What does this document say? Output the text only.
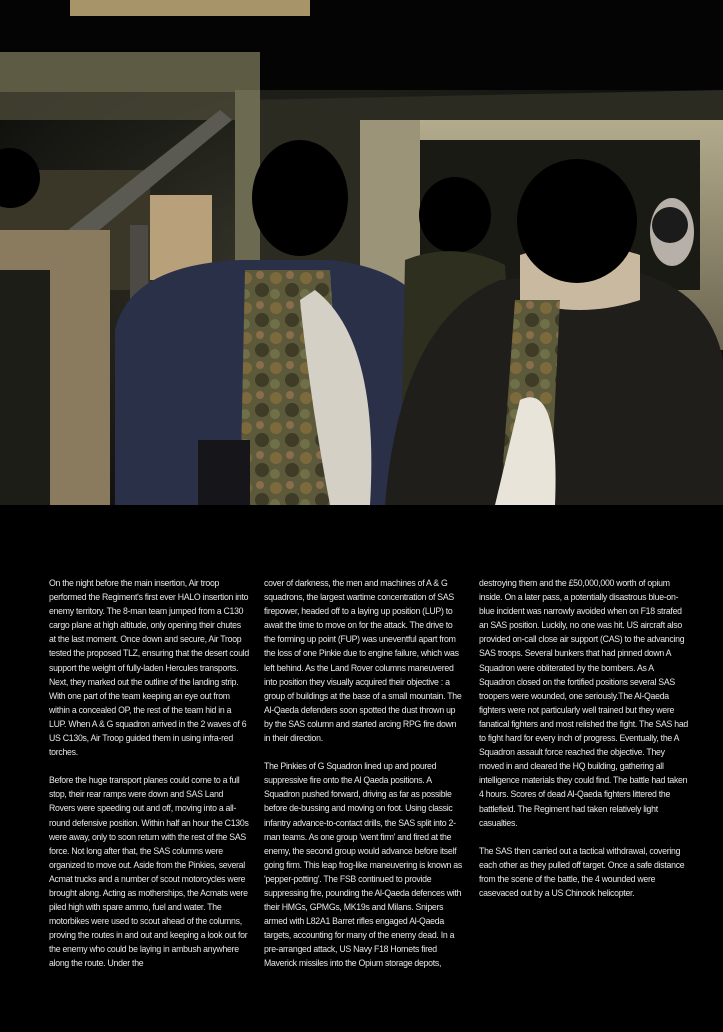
On the night before the main insertion, Air troop performed the Regiment's first ever HALO insertion into enemy territory. The 8-man team jumped from a C130 cargo plane at high altitude, only opening their chutes at the last moment. Once down and secure, Air Troop tested the proposed TLZ, ensuring that the desert could support the weight of fully-laden Hercules transports. Next, they marked out the outline of the landing strip. With one part of the team keeping an eye out from within a concealed OP, the rest of the team hid in a LUP. When A & G squadron arrived in the 2 waves of 6 US C130s, Air Troop guided them in using infra-red torches.

Before the huge transport planes could come to a full stop, their rear ramps were down and SAS Land Rovers were speeding out and off, moving into a all-round defensive position. Within half an hour the C130s were away, only to soon return with the rest of the SAS force. Not long after that, the SAS columns were organized to move out. Aside from the Pinkies, several Acmat trucks and a number of scout motorcycles were brought along. Acting as motherships, the Acmats were piled high with spare ammo, fuel and water. The motorbikes were used to scout ahead of the columns, proving the routes in and out and keeping a look out for the enemy who could be laying in ambush anywhere along the route. Under the

cover of darkness, the men and machines of A & G squadrons, the largest wartime concentration of SAS firepower, headed off to a laying up position (LUP) to await the time to move on for the attack. The drive to the forming up point (FUP) was uneventful apart from the loss of one Pinkie due to engine failure, which was left behind. As the Land Rover columns maneuvered into position they visually acquired their objective : a group of buildings at the base of a small mountain. The Al-Qaeda defenders soon spotted the dust thrown up by the SAS column and started arcing RPG fire down in their direction.

The Pinkies of G Squadron lined up and poured suppressive fire onto the Al Qaeda positions. A Squadron pushed forward, driving as far as possible before de-bussing and moving on foot. Using classic infantry advance-to-contact drills, the SAS split into 2-man teams. As one group 'went firm' and fired at the enemy, the second group would advance before itself going firm. This leap frog-like maneuvering is known as 'pepper-potting'. The FSB continued to provide suppressing fire, pounding the Al-Qaeda defences with their HMGs, GPMGs, MK19s and Milans. Snipers armed with L82A1 Barret rifles engaged Al-Qaeda targets, accounting for many of the enemy dead. In a pre-arranged attack, US Navy F18 Hornets fired Maverick missiles into the Opium storage depots,

destroying them and the £50,000,000 worth of opium inside. On a later pass, a potentially disastrous blue-on-blue incident was narrowly avoided when on F18 strafed an SAS position. Luckily, no one was hit. US aircraft also provided on-call close air support (CAS) to the advancing SAS troops. Several bunkers that had pinned down A Squadron were obliterated by the bombers. As A Squadron closed on the fortified positions several SAS troopers were wounded, one seriously.The Al-Qaeda fighters were not particularly well trained but they were fanatical fighters and most relished the fight. The SAS had to fight hard for every inch of progress. Eventually, the A Squadron assault force reached the objective. They moved in and cleared the HQ building, gathering all intelligence materials they could find. The battle had taken 4 hours. Scores of dead Al-Qaeda fighters littered the battlefield. The Regiment had taken relatively light casualties.

The SAS then carried out a tactical withdrawal, covering each other as they pulled off target. Once a safe distance from the scene of the battle, the 4 wounded were casevaced out by a US Chinook helicopter.
